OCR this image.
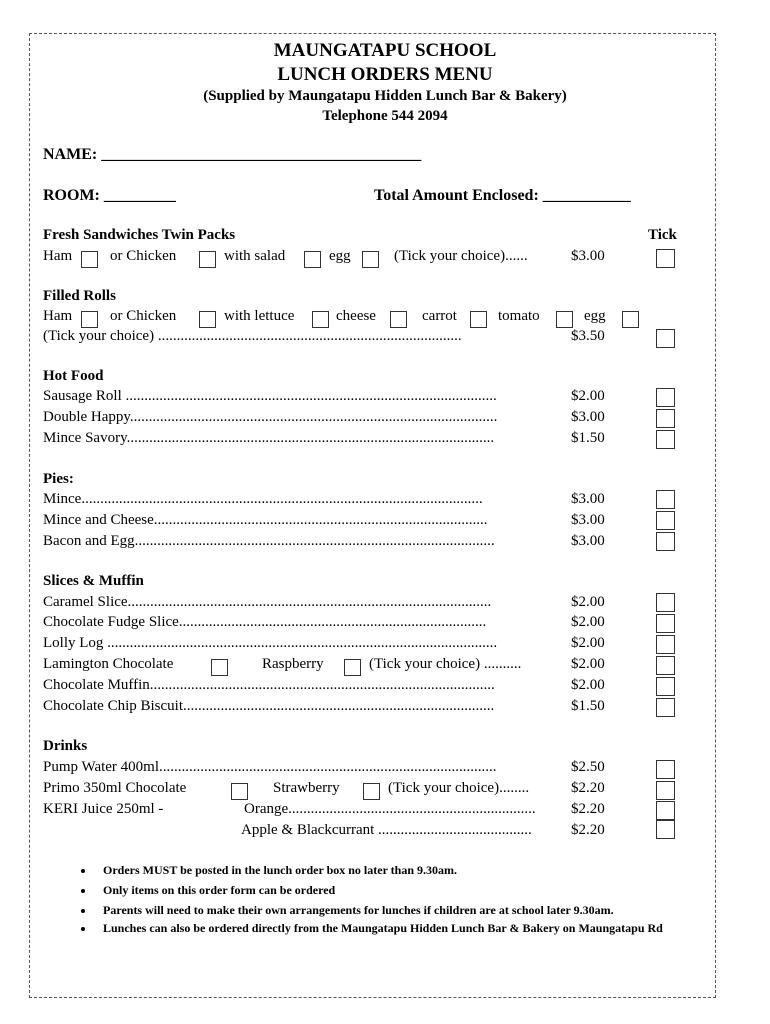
MAUNGATAPU SCHOOL
LUNCH ORDERS MENU
(Supplied by Maungatapu Hidden Lunch Bar & Bakery)
Telephone 544 2094
NAME: ________________________________________
ROOM: _________	Total Amount Enclosed: ___________
Fresh Sandwiches Twin Packs	Tick
Ham	or Chicken	with salad	egg	(Tick your choice)......	$3.00
Filled Rolls
Ham	or Chicken	with lettuce	cheese	carrot	tomato	egg
(Tick your choice) .................................................................................	$3.50
Hot Food
Sausage Roll ...................................................................................................	$2.00
Double Happy..................................................................................................	$3.00
Mince Savory..................................................................................................	$1.50
Pies:
Mince...........................................................................................................	$3.00
Mince and Cheese.........................................................................................	$3.00
Bacon and Egg................................................................................................	$3.00
Slices & Muffin
Caramel Slice.................................................................................................	$2.00
Chocolate Fudge Slice..................................................................................	$2.00
Lolly Log ........................................................................................................	$2.00
Lamington Chocolate	Raspberry	(Tick your choice) ..........	$2.00
Chocolate Muffin............................................................................................	$2.00
Chocolate Chip Biscuit...................................................................................	$1.50
Drinks
Pump Water 400ml..........................................................................................	$2.50
Primo 350ml Chocolate	Strawberry	(Tick your choice)........	$2.20
KERI Juice 250ml -	Orange..................................................................	$2.20
Apple & Blackcurrant .........................................	$2.20
• Orders MUST be posted in the lunch order box no later than 9.30am.
• Only items on this order form can be ordered
• Parents will need to make their own arrangements for lunches if children are at school later 9.30am.
• Lunches can also be ordered directly from the Maungatapu Hidden Lunch Bar & Bakery on Maungatapu Rd
